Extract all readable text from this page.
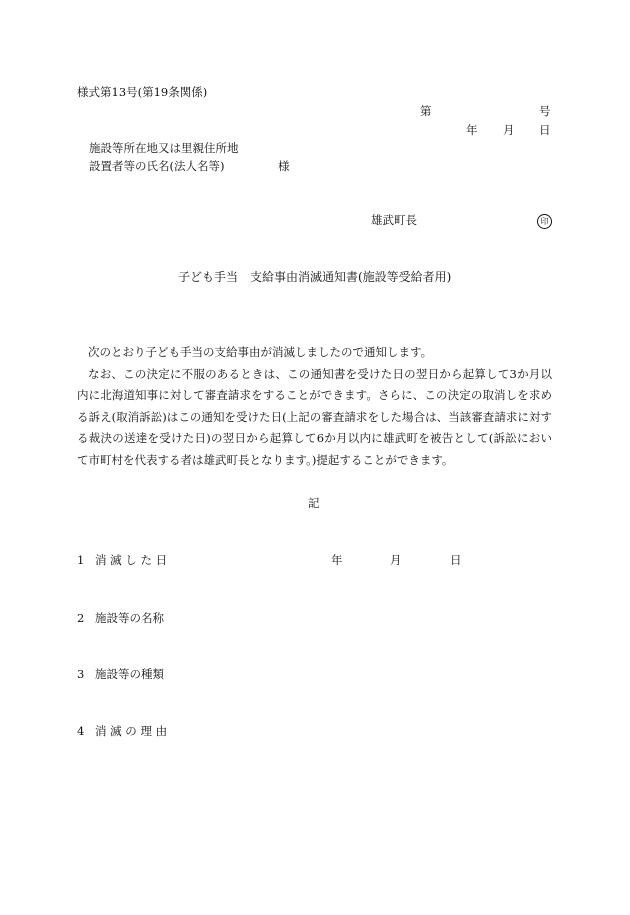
様式第13号(第19条関係)
第	号
年 月 日
施設等所在地又は里親住所地
設置者等の氏名(法人名等)	様
雄武町長	印
子ども手当　支給事由消滅通知書(施設等受給者用)

次のとおり子ども手当の支給事由が消滅しましたので通知します。

なお、この決定に不服のあるときは、この通知書を受けた日の翌日から起算して3か月以内に北海道知事に対して審査請求をすることができます。さらに、この決定の取消しを求める訴え(取消訴訟)はこの通知を受けた日(上記の審査請求をした場合は、当該審査請求に対する裁決の送達を受けた日)の翌日から起算して6か月以内に雄武町を被告として(訴訟において市町村を代表する者は雄武町長となります。)提起することができます。

記
1 消 滅 し た 日	年	月	日
2 施設等の名称
3 施設等の種類
4 消 滅 の 理 由
